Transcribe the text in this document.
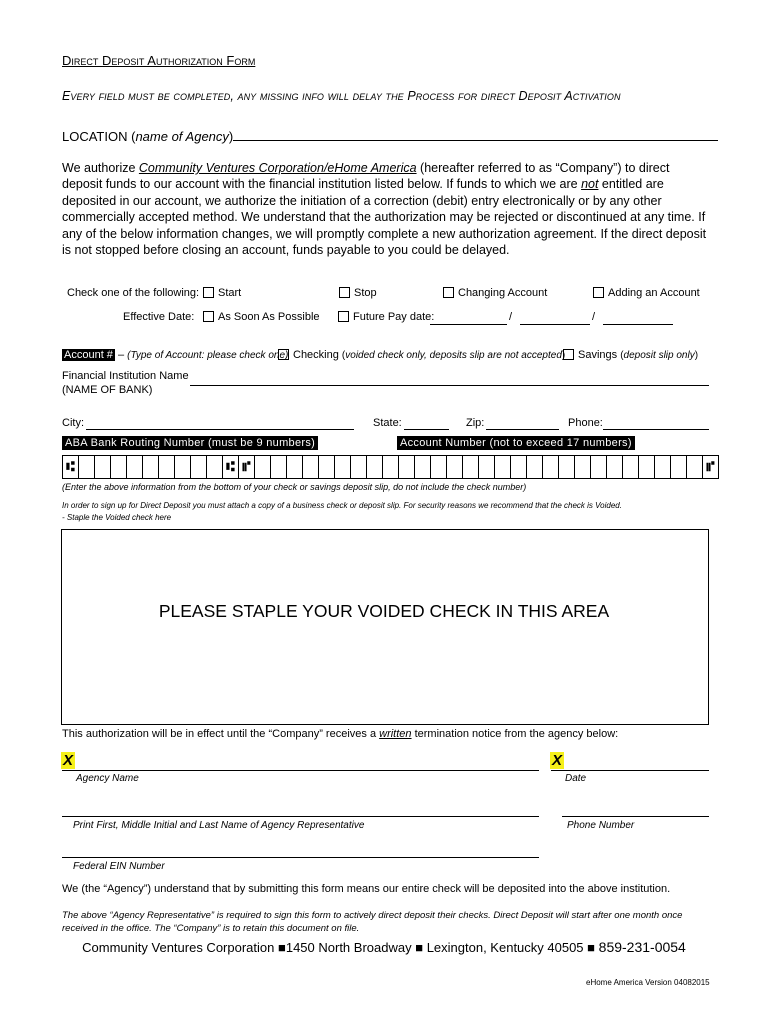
Direct Deposit Authorization Form
Every field must be completed, any missing info will delay the Process for direct Deposit Activation
LOCATION (name of Agency)
We authorize Community Ventures Corporation/eHome America (hereafter referred to as “Company”) to direct deposit funds to our account with the financial institution listed below. If funds to which we are not entitled are deposited in our account, we authorize the initiation of a correction (debit) entry electronically or by any other commercially accepted method. We understand that the authorization may be rejected or discontinued at any time. If any of the below information changes, we will promptly complete a new authorization agreement. If the direct deposit is not stopped before closing an account, funds payable to you could be delayed.
Check one of the following:	Start	Stop	Changing Account	Adding an Account
Effective Date:	As Soon As Possible	Future Pay date:	/	/
Account # – (Type of Account: please check one) Checking (voided check only, deposits slip are not accepted)	Savings (deposit slip only)
Financial Institution Name
(NAME OF BANK)
City:	State:	Zip:	Phone:
ABA Bank Routing Number (must be 9 numbers)	Account Number (not to exceed 17 numbers)
⑆	⑆ ⑈	⑈
(Enter the above information from the bottom of your check or savings deposit slip, do not include the check number)
In order to sign up for Direct Deposit you must attach a copy of a business check or deposit slip. For security reasons we recommend that the check is Voided.
- Staple the Voided check here
PLEASE STAPLE YOUR VOIDED CHECK IN THIS AREA
This authorization will be in effect until the “Company” receives a written termination notice from the agency below:
X
Agency Name
X
Date
Print First, Middle Initial and Last Name of Agency Representative	Phone Number
Federal EIN Number
We (the “Agency”) understand that by submitting this form means our entire check will be deposited into the above institution.
The above “Agency Representative” is required to sign this form to actively direct deposit their checks. Direct Deposit will start after one month once received in the office. The “Company” is to retain this document on file.
Community Ventures Corporation ■1450 North Broadway ■ Lexington, Kentucky 40505 ■ 859-231-0054
eHome America Version 04082015
